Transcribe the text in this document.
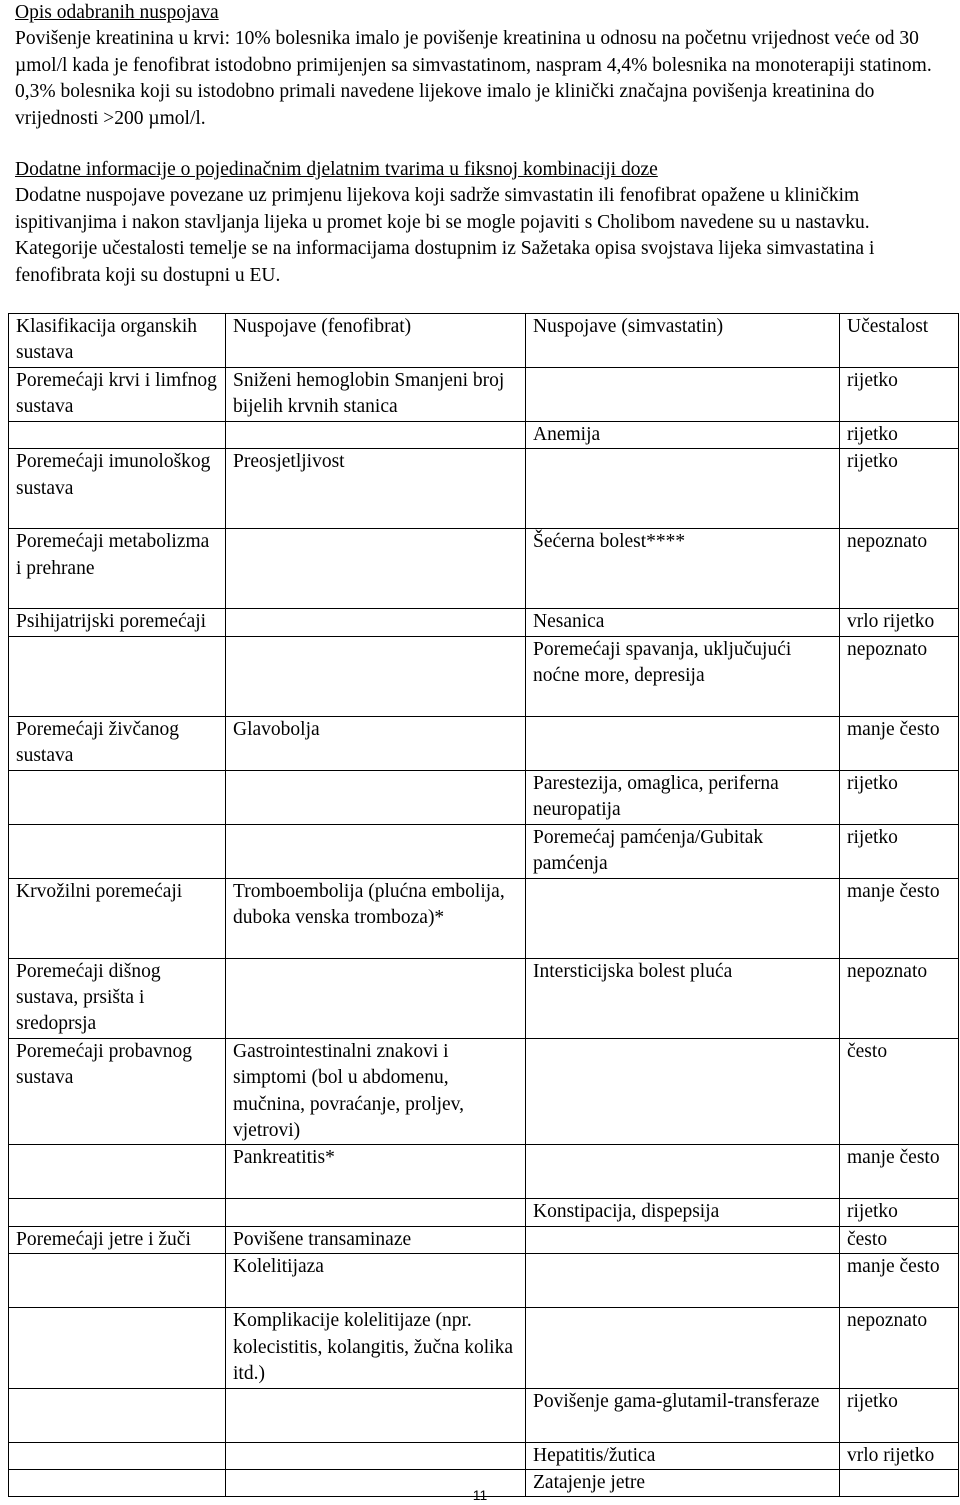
Opis odabranih nuspojava

Povišenje kreatinina u krvi: 10% bolesnika imalo je povišenje kreatinina u odnosu na početnu vrijednost veće od 30 µmol/l kada je fenofibrat istodobno primijenjen sa simvastatinom, naspram 4,4% bolesnika na monoterapiji statinom. 0,3% bolesnika koji su istodobno primali navedene lijekove imalo je klinički značajna povišenja kreatinina do vrijednosti >200 µmol/l.

Dodatne informacije o pojedinačnim djelatnim tvarima u fiksnoj kombinaciji doze

Dodatne nuspojave povezane uz primjenu lijekova koji sadrže simvastatin ili fenofibrat opažene u kliničkim ispitivanjima i nakon stavljanja lijeka u promet koje bi se mogle pojaviti s Cholibom navedene su u nastavku. Kategorije učestalosti temelje se na informacijama dostupnim iz Sažetaka opisa svojstava lijeka simvastatina i fenofibrata koji su dostupni u EU.

Klasifikacija organskih sustava	Nuspojave (fenofibrat)	Nuspojave (simvastatin)	Učestalost
Poremećaji krvi i limfnog sustava	Sniženi hemoglobin Smanjeni broj bijelih krvnih stanica		rijetko
		Anemija	rijetko
Poremećaji imunološkog sustava	Preosjetljivost		rijetko
Poremećaji metabolizma i prehrane		Šećerna bolest****	nepoznato
Psihijatrijski poremećaji		Nesanica	vrlo rijetko
		Poremećaji spavanja, uključujući noćne more, depresija	nepoznato
Poremećaji živčanog sustava	Glavobolja		manje često
		Parestezija, omaglica, periferna neuropatija	rijetko
		Poremećaj pamćenja/Gubitak pamćenja	rijetko
Krvožilni poremećaji	Tromboembolija (plućna embolija, duboka venska tromboza)*		manje često
Poremećaji dišnog sustava, prsišta i sredoprsja		Intersticijska bolest pluća	nepoznato
Poremećaji probavnog sustava	Gastrointestinalni znakovi i simptomi (bol u abdomenu, mučnina, povraćanje, proljev, vjetrovi)		često
	Pankreatitis*		manje često
		Konstipacija, dispepsija	rijetko
Poremećaji jetre i žuči	Povišene transaminaze		često
	Kolelitijaza		manje često
	Komplikacije kolelitijaze (npr. kolecistitis, kolangitis, žučna kolika itd.)		nepoznato
		Povišenje gama-glutamil-transferaze	rijetko
		Hepatitis/žutica	vrlo rijetko
		Zatajenje jetre	
11
